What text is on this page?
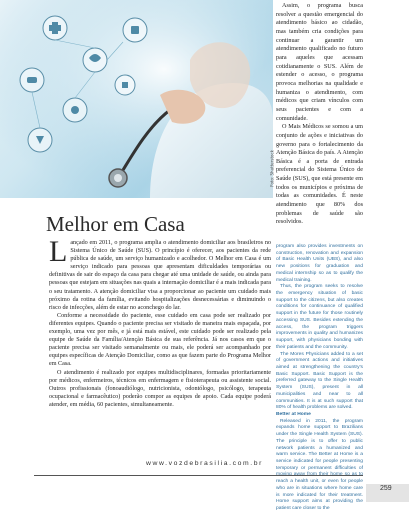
Foto: Shutterstock
Melhor em Casa

Lançado em 2011, o programa amplia o atendimento domiciliar aos brasileiros no Sistema Único de Saúde (SUS). O princípio é oferecer, aos pacientes da rede pública de saúde, um serviço humanizado e acolhedor. O Melhor em Casa é um serviço indicado para pessoas que apresentam dificuldades temporárias ou definitivas de sair do espaço da casa para chegar até uma unidade de saúde, ou ainda para pessoas que estejam em situações nas quais a internação domiciliar é a mais indicada para o seu tratamento. A atenção domiciliar visa a proporcionar ao paciente um cuidado mais próximo da rotina da família, evitando hospitalizações desnecessárias e diminuindo o risco de infecções, além de estar no aconchego do lar.

Conforme a necessidade do paciente, esse cuidado em casa pode ser realizado por diferentes equipes. Quando o paciente precisa ser visitado de maneira mais espaçada, por exemplo, uma vez por mês, e já está mais estável, este cuidado pode ser realizado pela equipe de Saúde da Família/Atenção Básica de sua referência. Já nos casos em que o paciente precisa ser visitado semanalmente ou mais, ele poderá ser acompanhado por equipes específicas de Atenção Domiciliar, como as que fazem parte do Programa Melhor em Casa.

O atendimento é realizado por equipes multidisciplinares, formadas prioritariamente por médicos, enfermeiros, técnicos em enfermagem e fisioterapeuta ou assistente social. Outros profissionais (fonoaudiólogo, nutricionista, odontólogo, psicólogo, terapeuta ocupacional e farmacêutico) poderão compor as equipes de apoio. Cada equipe poderá atender, em média, 60 pacientes, simultaneamente.

Assim, o programa busca resolver a questão emergencial do atendimento básico ao cidadão, mas também cria condições para continuar a garantir um atendimento qualificado no futuro para aqueles que acessam cotidianamente o SUS. Além de estender o acesso, o programa provoca melhorias na qualidade e humaniza o atendimento, com médicos que criam vínculos com seus pacientes e com a comunidade.

O Mais Médicos se somou a um conjunto de ações e iniciativas do governo para o fortalecimento da Atenção Básica do país. A Atenção Básica é a porta de entrada preferencial do Sistema Único de Saúde (SUS), que está presente em todos os municípios e próxima de todas as comunidades. É neste atendimento que 80% dos problemas de saúde são resolvidos.

program also provides investments on construction, renovation and expansion of Basic Health Units (UBS), and also new positions for graduation and medical internship so as to qualify the medical training.

Thus, the program seeks to resolve the emergency situation of basic support to the citizens, but also creates conditions for continuance of qualified support in the future for those routinely accessing SUS. Besides extending the access, the program triggers improvements in quality and humanizes support, with physicians bonding with their patients and the community.

The Mores Physicians added to a set of government actions and initiatives aimed at strengthening the country's Basic Support. Basic Support is the preferred gateway to the Single Health System (SUS), present in all municipalities and near to all communities. It is at such support that 80% of health problems are solved.

Better at Home

Released in 2011, the program expands home support to Brazilians under the Single Health System (SUS). The principle is to offer to public network patients a humanized and warm service. The Better at Home is a service indicated for people presenting temporary or permanent difficulties of reach a health unit, or even for people who are in situations where home care is more indicated for their treatment. Home support aims at providing the patient care closer to the

www.vozdebrasilia.com.br
259
